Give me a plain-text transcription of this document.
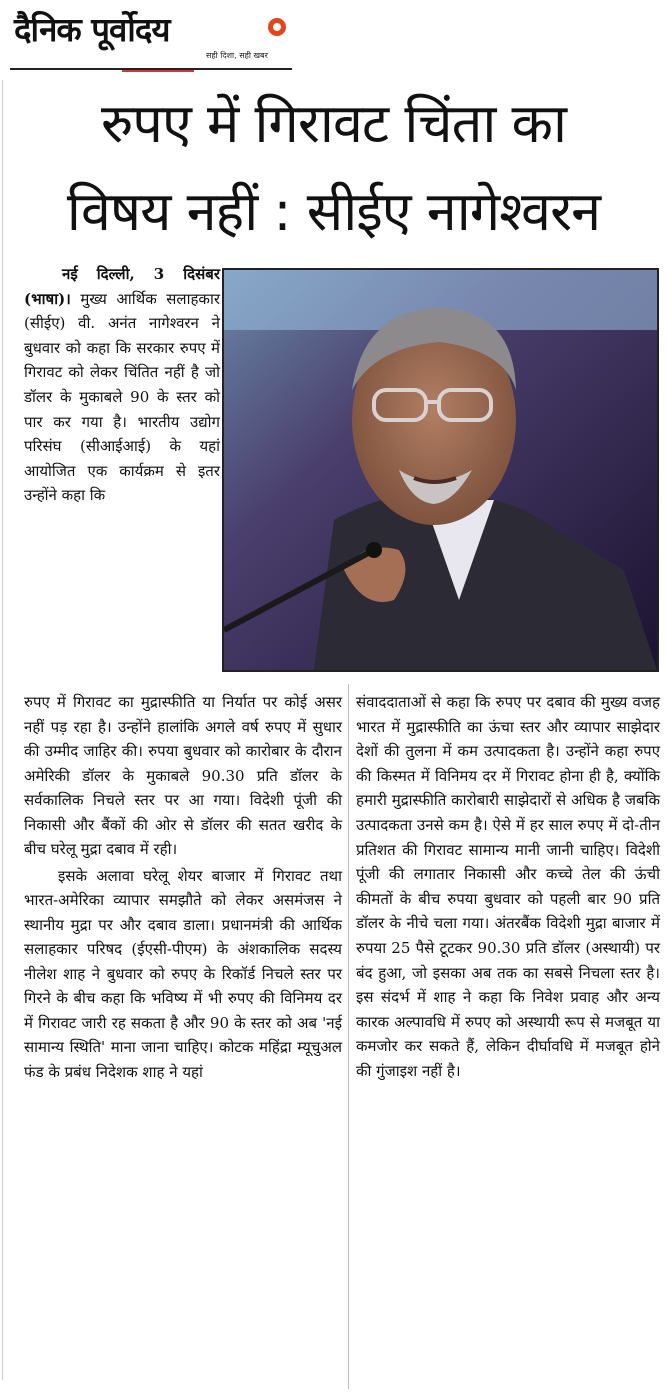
दैनिक पूर्वोदय
सही दिशा, सही खबर
रुपए में गिरावट चिंता का
विषय नहीं : सीईए नागेश्वरन
नई दिल्ली, 3 दिसंबर (भाषा)। मुख्य आर्थिक सलाहकार (सीईए) वी. अनंत नागेश्वरन ने बुधवार को कहा कि सरकार रुपए में गिरावट को लेकर चिंतित नहीं है जो डॉलर के मुकाबले 90 के स्तर को पार कर गया है। भारतीय उद्योग परिसंघ (सीआईआई) के यहां आयोजित एक कार्यक्रम से इतर उन्होंने कहा कि

रुपए में गिरावट का मुद्रास्फीति या निर्यात पर कोई असर नहीं पड़ रहा है। उन्होंने हालांकि अगले वर्ष रुपए में सुधार की उम्मीद जाहिर की। रुपया बुधवार को कारोबार के दौरान अमेरिकी डॉलर के मुकाबले 90.30 प्रति डॉलर के सर्वकालिक निचले स्तर पर आ गया। विदेशी पूंजी की निकासी और बैंकों की ओर से डॉलर की सतत खरीद के बीच घरेलू मुद्रा दबाव में रही।

इसके अलावा घरेलू शेयर बाजार में गिरावट तथा भारत-अमेरिका व्यापार समझौते को लेकर असमंजस ने स्थानीय मुद्रा पर और दबाव डाला। प्रधानमंत्री की आर्थिक सलाहकार परिषद (ईएसी-पीएम) के अंशकालिक सदस्य नीलेश शाह ने बुधवार को रुपए के रिकॉर्ड निचले स्तर पर गिरने के बीच कहा कि भविष्य में भी रुपए की विनिमय दर में गिरावट जारी रह सकता है और 90 के स्तर को अब 'नई सामान्य स्थिति' माना जाना चाहिए। कोटक महिंद्रा म्यूचुअल फंड के प्रबंध निदेशक शाह ने यहां

संवाददाताओं से कहा कि रुपए पर दबाव की मुख्य वजह भारत में मुद्रास्फीति का ऊंचा स्तर और व्यापार साझेदार देशों की तुलना में कम उत्पादकता है। उन्होंने कहा रुपए की किस्मत में विनिमय दर में गिरावट होना ही है, क्योंकि हमारी मुद्रास्फीति कारोबारी साझेदारों से अधिक है जबकि उत्पादकता उनसे कम है। ऐसे में हर साल रुपए में दो-तीन प्रतिशत की गिरावट सामान्य मानी जानी चाहिए। विदेशी पूंजी की लगातार निकासी और कच्चे तेल की ऊंची कीमतों के बीच रुपया बुधवार को पहली बार 90 प्रति डॉलर के नीचे चला गया। अंतरबैंक विदेशी मुद्रा बाजार में रुपया 25 पैसे टूटकर 90.30 प्रति डॉलर (अस्थायी) पर बंद हुआ, जो इसका अब तक का सबसे निचला स्तर है। इस संदर्भ में शाह ने कहा कि निवेश प्रवाह और अन्य कारक अल्पावधि में रुपए को अस्थायी रूप से मजबूत या कमजोर कर सकते हैं, लेकिन दीर्घावधि में मजबूत होने की गुंजाइश नहीं है।
